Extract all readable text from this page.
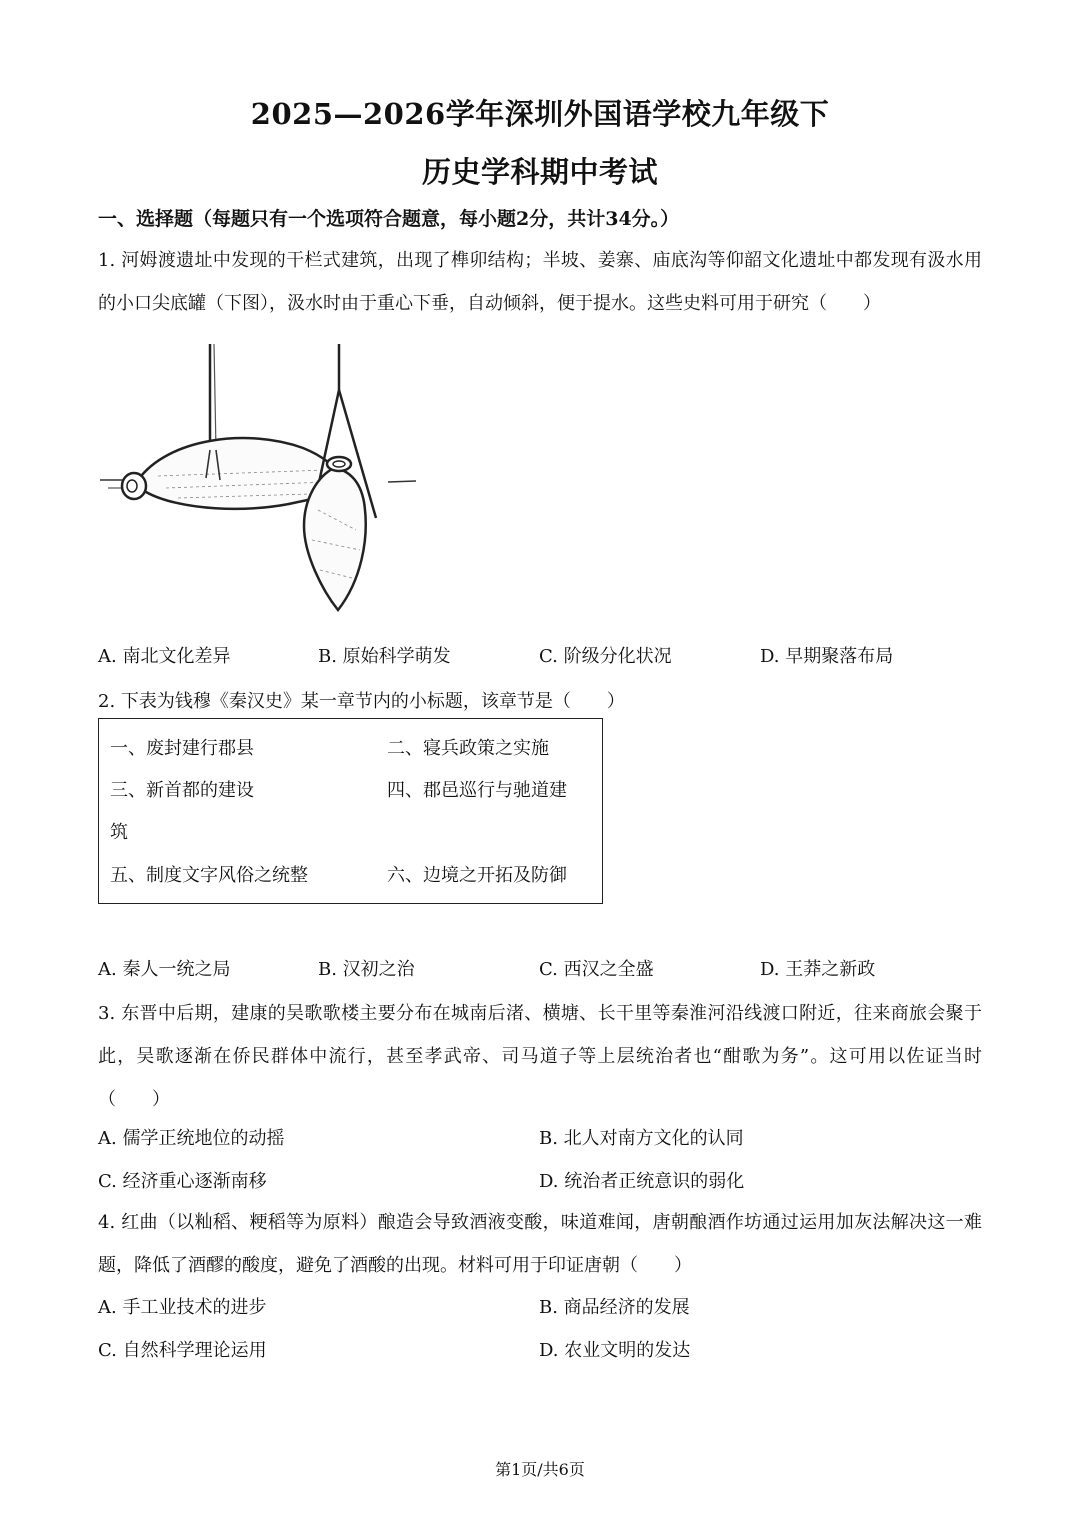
2025—2026学年深圳外国语学校九年级下
历史学科期中考试
一、选择题（每题只有一个选项符合题意，每小题2分，共计34分。）
1. 河姆渡遗址中发现的干栏式建筑，出现了榫卯结构；半坡、姜寨、庙底沟等仰韶文化遗址中都发现有汲水用的小口尖底罐（下图），汲水时由于重心下垂，自动倾斜，便于提水。这些史料可用于研究（　　）
A. 南北文化差异	B. 原始科学萌发	C. 阶级分化状况	D. 早期聚落布局
2. 下表为钱穆《秦汉史》某一章节内的小标题，该章节是（　　）
一、废封建行郡县	二、寝兵政策之实施
三、新首都的建设	四、郡邑巡行与驰道建
筑
五、制度文字风俗之统整	六、边境之开拓及防御
A. 秦人一统之局	B. 汉初之治	C. 西汉之全盛	D. 王莽之新政
3. 东晋中后期，建康的吴歌歌楼主要分布在城南后渚、横塘、长干里等秦淮河沿线渡口附近，往来商旅会聚于此，吴歌逐渐在侨民群体中流行，甚至孝武帝、司马道子等上层统治者也“酣歌为务”。这可用以佐证当时（　　）
A. 儒学正统地位的动摇	B. 北人对南方文化的认同
C. 经济重心逐渐南移	D. 统治者正统意识的弱化
4. 红曲（以籼稻、粳稻等为原料）酿造会导致酒液变酸，味道难闻，唐朝酿酒作坊通过运用加灰法解决这一难题，降低了酒醪的酸度，避免了酒酸的出现。材料可用于印证唐朝（　　）
A. 手工业技术的进步	B. 商品经济的发展
C. 自然科学理论运用	D. 农业文明的发达
第1页/共6页
